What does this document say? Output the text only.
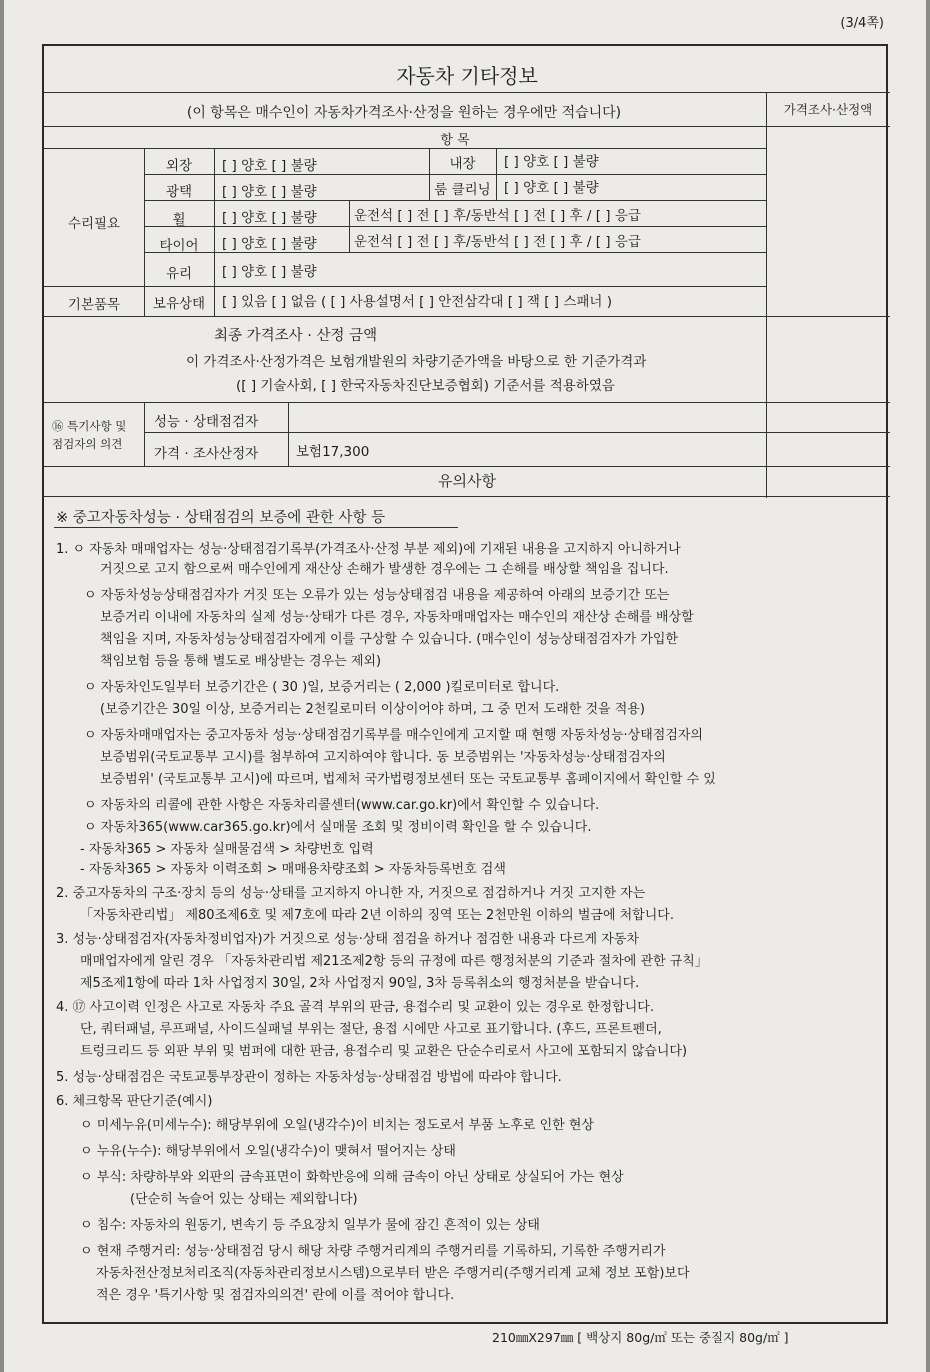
(3/4쪽)
자동차 기타정보
(이 항목은 매수인이 자동차가격조사·산정을 원하는 경우에만 적습니다)	가격조사·산정액
항 목
수리필요
외장	[ ] 양호 [ ] 불량	내장	[ ] 양호 [ ] 불량
광택	[ ] 양호 [ ] 불량	룸 클리닝 [ ] 양호 [ ] 불량
휠	[ ] 양호 [ ] 불량	운전석 [ ] 전 [ ] 후/동반석 [ ] 전 [ ] 후 / [ ] 응급
타이어	[ ] 양호 [ ] 불량	운전석 [ ] 전 [ ] 후/동반석 [ ] 전 [ ] 후 / [ ] 응급
유리	[ ] 양호 [ ] 불량
기본품목	보유상태	[ ] 있음 [ ] 없음 ( [ ] 사용설명서 [ ] 안전삼각대 [ ] 잭 [ ] 스패너 )
최종 가격조사 · 산정 금액
이 가격조사·산정가격은 보험개발원의 차량기준가액을 바탕으로 한 기준가격과
([ ] 기술사회, [ ] 한국자동차진단보증협회) 기준서를 적용하였음
⑯ 특기사항 및
점검자의 의견
성능 · 상태점검자
가격 · 조사산정자	보험17,300
유의사항
※ 중고자동차성능 · 상태점검의 보증에 관한 사항 등
1. ㅇ 자동차 매매업자는 성능·상태점검기록부(가격조사·산정 부분 제외)에 기재된 내용을 고지하지 아니하거나
거짓으로 고지 함으로써 매수인에게 재산상 손해가 발생한 경우에는 그 손해를 배상할 책임을 집니다.
ㅇ 자동차성능상태점검자가 거짓 또는 오류가 있는 성능상태점검 내용을 제공하여 아래의 보증기간 또는
보증거리 이내에 자동차의 실제 성능·상태가 다른 경우, 자동차매매업자는 매수인의 재산상 손해를 배상할
책임을 지며, 자동차성능상태점검자에게 이를 구상할 수 있습니다. (매수인이 성능상태점검자가 가입한
책임보험 등을 통해 별도로 배상받는 경우는 제외)
ㅇ 자동차인도일부터 보증기간은 ( 30 )일, 보증거리는 ( 2,000 )킬로미터로 합니다.
(보증기간은 30일 이상, 보증거리는 2천킬로미터 이상이어야 하며, 그 중 먼저 도래한 것을 적용)
ㅇ 자동차매매업자는 중고자동차 성능·상태점검기록부를 매수인에게 고지할 때 현행 자동차성능·상태점검자의
보증범위(국토교통부 고시)를 첨부하여 고지하여야 합니다. 동 보증범위는 '자동차성능·상태점검자의
보증범위' (국토교통부 고시)에 따르며, 법제처 국가법령정보센터 또는 국토교통부 홈페이지에서 확인할 수 있
ㅇ 자동차의 리콜에 관한 사항은 자동차리콜센터(www.car.go.kr)에서 확인할 수 있습니다.
ㅇ 자동차365(www.car365.go.kr)에서 실매물 조회 및 정비이력 확인을 할 수 있습니다.
- 자동차365 > 자동차 실매물검색 > 차량번호 입력
- 자동차365 > 자동차 이력조회 > 매매용차량조회 > 자동차등록번호 검색
2. 중고자동차의 구조·장치 등의 성능·상태를 고지하지 아니한 자, 거짓으로 점검하거나 거짓 고지한 자는
「자동차관리법」 제80조제6호 및 제7호에 따라 2년 이하의 징역 또는 2천만원 이하의 벌금에 처합니다.
3. 성능·상태점검자(자동차정비업자)가 거짓으로 성능·상태 점검을 하거나 점검한 내용과 다르게 자동차
매매업자에게 알린 경우 「자동차관리법 제21조제2항 등의 규정에 따른 행정처분의 기준과 절차에 관한 규칙」
제5조제1항에 따라 1차 사업정지 30일, 2차 사업정지 90일, 3차 등록취소의 행정처분을 받습니다.
4. ⑰ 사고이력 인정은 사고로 자동차 주요 골격 부위의 판금, 용접수리 및 교환이 있는 경우로 한정합니다.
단, 쿼터패널, 루프패널, 사이드실패널 부위는 절단, 용접 시에만 사고로 표기합니다. (후드, 프론트펜더,
트렁크리드 등 외판 부위 및 범퍼에 대한 판금, 용접수리 및 교환은 단순수리로서 사고에 포함되지 않습니다)
5. 성능·상태점검은 국토교통부장관이 정하는 자동차성능·상태점검 방법에 따라야 합니다.
6. 체크항목 판단기준(예시)
ㅇ 미세누유(미세누수): 해당부위에 오일(냉각수)이 비치는 정도로서 부품 노후로 인한 현상
ㅇ 누유(누수): 해당부위에서 오일(냉각수)이 맺혀서 떨어지는 상태
ㅇ 부식: 차량하부와 외판의 금속표면이 화학반응에 의해 금속이 아닌 상태로 상실되어 가는 현상
(단순히 녹슬어 있는 상태는 제외합니다)
ㅇ 침수: 자동차의 원동기, 변속기 등 주요장치 일부가 물에 잠긴 흔적이 있는 상태
ㅇ 현재 주행거리: 성능·상태점검 당시 해당 차량 주행거리계의 주행거리를 기록하되, 기록한 주행거리가
자동차전산정보처리조직(자동차관리정보시스템)으로부터 받은 주행거리(주행거리계 교체 정보 포함)보다
적은 경우 '특기사항 및 점검자의의견' 란에 이를 적어야 합니다.
210㎜X297㎜ [ 백상지 80g/㎡ 또는 중질지 80g/㎡ ]
